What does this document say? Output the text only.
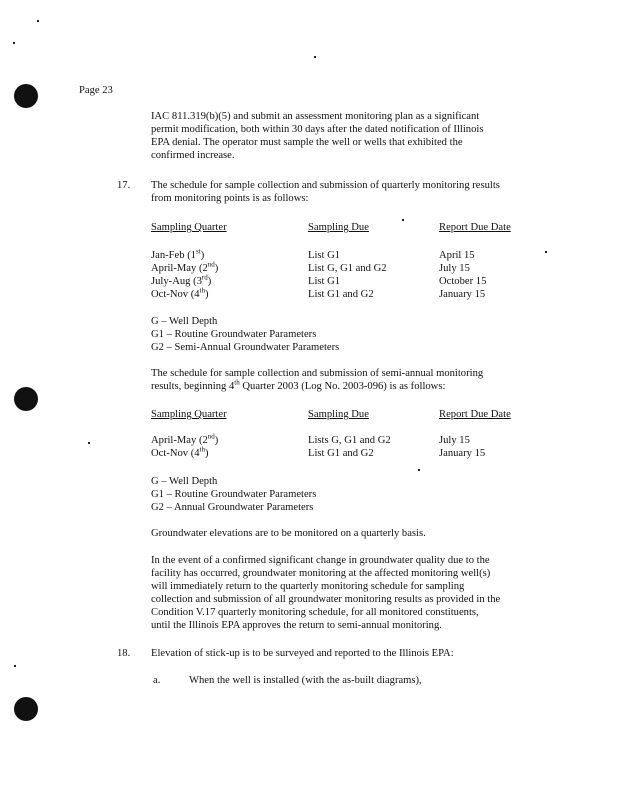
Page 23
IAC 811.319(b)(5) and submit an assessment monitoring plan as a significant
permit modification, both within 30 days after the dated notification of Illinois
EPA denial. The operator must sample the well or wells that exhibited the
confirmed increase.
17. The schedule for sample collection and submission of quarterly monitoring results
from monitoring points is as follows:
Sampling Quarter	Sampling Due	Report Due Date
Jan-Feb (1st)	List G1	April 15
April-May (2nd)	List G, G1 and G2	July 15
July-Aug (3rd)	List G1	October 15
Oct-Nov (4th)	List G1 and G2	January 15
G – Well Depth
G1 – Routine Groundwater Parameters
G2 – Semi-Annual Groundwater Parameters
The schedule for sample collection and submission of semi-annual monitoring
results, beginning 4th Quarter 2003 (Log No. 2003-096) is as follows:
Sampling Quarter	Sampling Due	Report Due Date
April-May (2nd)	Lists G, G1 and G2	July 15
Oct-Nov (4th)	List G1 and G2	January 15
G – Well Depth
G1 – Routine Groundwater Parameters
G2 – Annual Groundwater Parameters
Groundwater elevations are to be monitored on a quarterly basis.
In the event of a confirmed significant change in groundwater quality due to the
facility has occurred, groundwater monitoring at the affected monitoring well(s)
will immediately return to the quarterly monitoring schedule for sampling
collection and submission of all groundwater monitoring results as provided in the
Condition V.17 quarterly monitoring schedule, for all monitored constituents,
until the Illinois EPA approves the return to semi-annual monitoring.
18. Elevation of stick-up is to be surveyed and reported to the Illinois EPA:
a.	When the well is installed (with the as-built diagrams),
